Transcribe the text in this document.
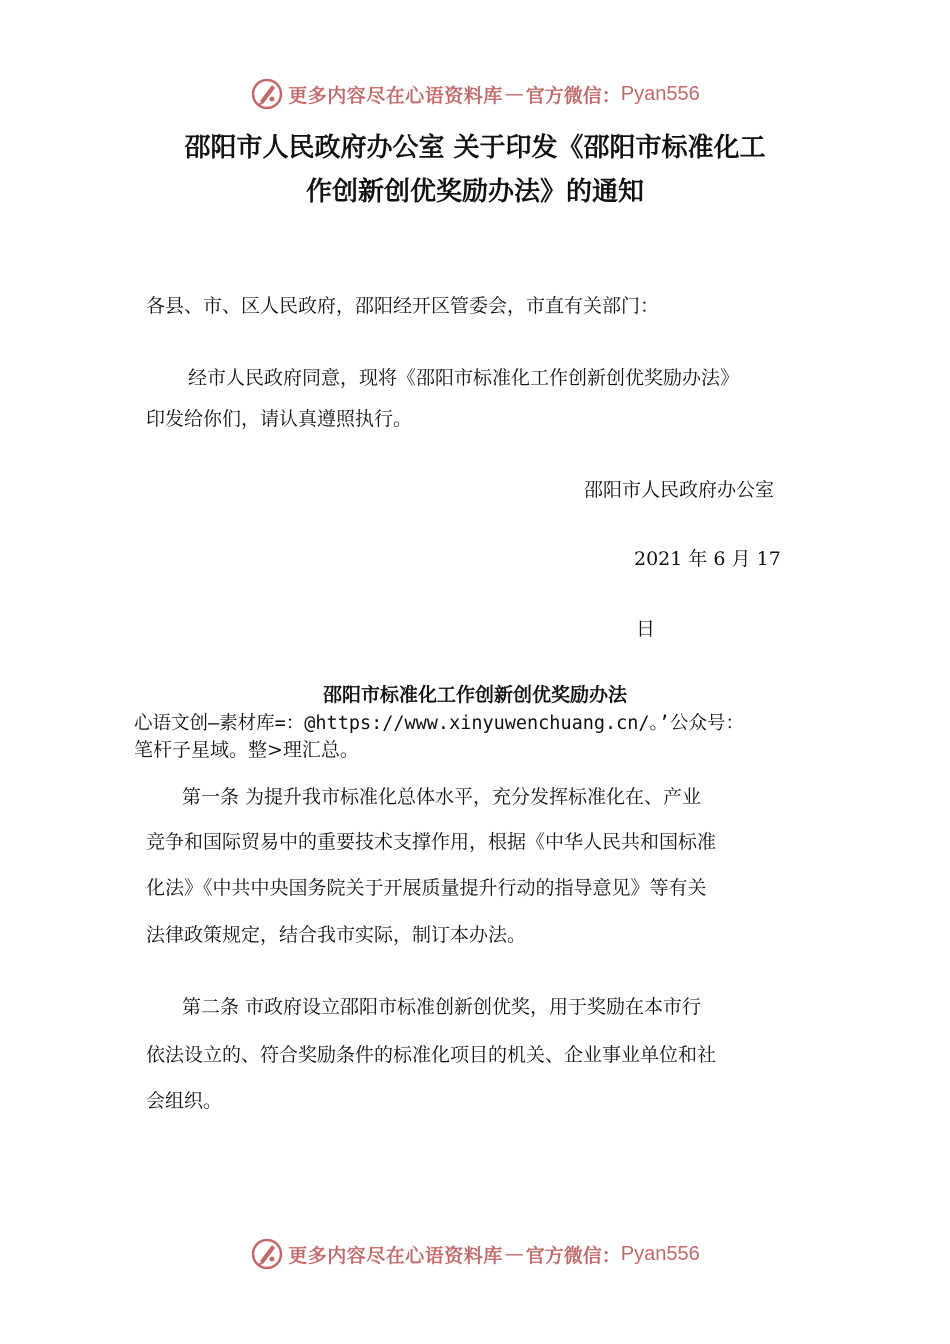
更多内容尽在心语资料库 — 官方微信： Pyan556
邵阳市人民政府办公室 关于印发《邵阳市标准化工
作创新创优奖励办法》的通知
各县、市、区人民政府，邵阳经开区管委会，市直有关部门：
经市人民政府同意，现将《邵阳市标准化工作创新创优奖励办法》
印发给你们，请认真遵照执行。
邵阳市人民政府办公室
2021 年 6 月 17
日
邵阳市标准化工作创新创优奖励办法
心语文创—素材库=：@https://www.xinyuwenchuang.cn/。’公众号：
笔杆子星域。整>理汇总。
第一条 为提升我市标准化总体水平，充分发挥标准化在、产业
竞争和国际贸易中的重要技术支撑作用，根据《中华人民共和国标准
化法》《中共中央国务院关于开展质量提升行动的指导意见》等有关
法律政策规定，结合我市实际，制订本办法。
第二条 市政府设立邵阳市标准创新创优奖，用于奖励在本市行
依法设立的、符合奖励条件的标准化项目的机关、企业事业单位和社
会组织。
更多内容尽在心语资料库 — 官方微信： Pyan556
